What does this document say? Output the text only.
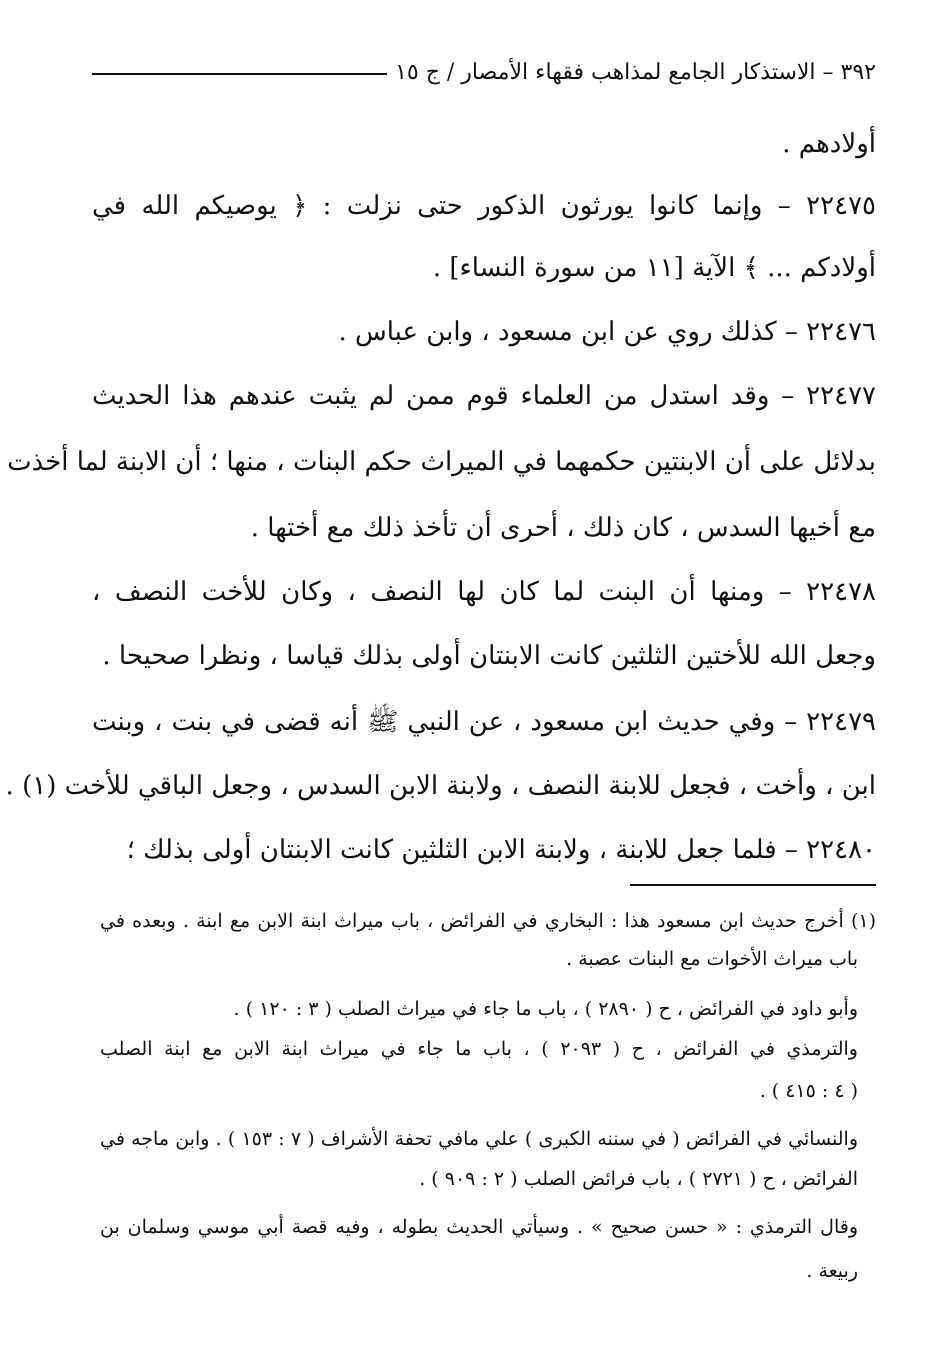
٣٩٢ – الاستذكار الجامع لمذاهب فقهاء الأمصار / ج ١٥
أولادهم .
٢٢٤٧٥ – وإنما كانوا يورثون الذكور حتى نزلت : ﴿ يوصيكم الله في
أولادكم ... ﴾ الآية [١١ من سورة النساء] .
٢٢٤٧٦ – كذلك روي عن ابن مسعود ، وابن عباس .
٢٢٤٧٧ – وقد استدل من العلماء قوم ممن لم يثبت عندهم هذا الحديث
بدلائل على أن الابنتين حكمهما في الميراث حكم البنات ، منها ؛ أن الابنة لما أخذت
مع أخيها السدس ، كان ذلك ، أحرى أن تأخذ ذلك مع أختها .
٢٢٤٧٨ – ومنها أن البنت لما كان لها النصف ، وكان للأخت النصف ،
وجعل الله للأختين الثلثين كانت الابنتان أولى بذلك قياسا ، ونظرا صحيحا .
٢٢٤٧٩ – وفي حديث ابن مسعود ، عن النبي ﷺ أنه قضى في بنت ، وبنت
ابن ، وأخت ، فجعل للابنة النصف ، ولابنة الابن السدس ، وجعل الباقي للأخت (١) .
٢٢٤٨٠ – فلما جعل للابنة ، ولابنة الابن الثلثين كانت الابنتان أولى بذلك ؛
(١) أخرج حديث ابن مسعود هذا : البخاري في الفرائض ، باب ميراث ابنة الابن مع ابنة . وبعده في
باب ميراث الأخوات مع البنات عصبة .
وأبو داود في الفرائض ، ح ( ٢٨٩٠ ) ، باب ما جاء في ميراث الصلب ( ٣ : ١٢٠ ) .
والترمذي في الفرائض ، ح ( ٢٠٩٣ ) ، باب ما جاء في ميراث ابنة الابن مع ابنة الصلب
( ٤ : ٤١٥ ) .
والنسائي في الفرائض ( في سننه الكبرى ) علي مافي تحفة الأشراف ( ٧ : ١٥٣ ) . وابن ماجه في
الفرائض ، ح ( ٢٧٢١ ) ، باب فرائض الصلب ( ٢ : ٩٠٩ ) .
وقال الترمذي : « حسن صحيح » . وسيأتي الحديث بطوله ، وفيه قصة أبي موسي وسلمان بن
ربيعة .
